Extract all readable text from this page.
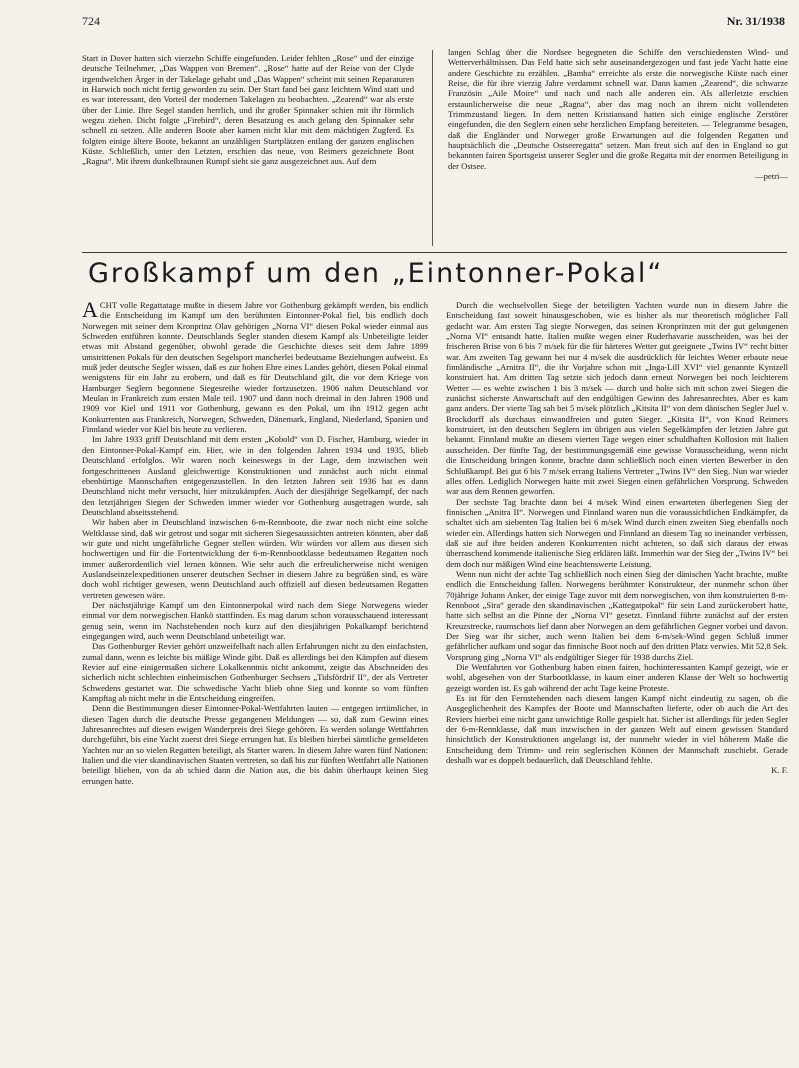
724	Nr. 31/1938

Start in Dover hatten sich vierzehn Schiffe eingefunden. Leider fehlten „Rose“ und der einzige deutsche Teilnehmer, „Das Wappen von Bremen“. „Rose“ hatte auf der Reise von der Clyde irgendwelchen Ärger in der Takelage gehabt und „Das Wappen“ scheint mit seinen Reparaturen in Harwich noch nicht fertig geworden zu sein. Der Start fand bei ganz leichtem Wind statt und es war interessant, den Vorteil der modernen Takelagen zu beobachten. „Zearend“ war als erste über der Linie. Ihre Segel standen herrlich, und ihr großer Spinnaker schien mit ihr förmlich wegzu ziehen. Dicht folgte „Firebird“, deren Besatzung es auch gelang den Spinnaker sehr schnell zu setzen. Alle anderen Boote aber kamen nicht klar mit dem mächtigen Zugferd. Es folgten einige ältere Boote, bekannt an unzähligen Startplätzen entlang der ganzen englischen Küste. Schließlich, unter den Letzten, erschien das neue, von Reimers gezeichnete Boot „Ragna“. Mit ihrem dunkelbraunen Rumpf sieht sie ganz ausgezeichnet aus. Auf dem

langen Schlag über die Nordsee begegneten die Schiffe den verschiedensten Wind- und Wetterverhältnissen. Das Feld hatte sich sehr auseinandergezogen und fast jede Yacht hatte eine andere Geschichte zu erzählen. „Bamba“ erreichte als erste die norwegische Küste nach einer Reise, die für ihre vierzig Jahre verdammt schnell war. Dann kamen „Zearend“, die schwarze Französin „Aile Moire“ und nach und nach alle anderen ein. Als allerletzte erschien erstaunlicherweise die neue „Ragna“, aber das mag noch an ihrem nicht vollendeten Trimmzustand liegen. In dem netten Kristiansand hatten sich einige englische Zerstörer eingefunden, die den Seglern einen sehr herzlichen Empfang bereiteten. — Telegramme besagen, daß die Engländer und Norweger große Erwartungen auf die folgenden Regatten und hauptsächlich die „Deutsche Ostseeregatta“ setzen. Man freut sich auf den in England so gut bekannten fairen Sportsgeist unserer Segler und die große Regatta mit der enormen Beteiligung in der Ostsee.

—petri—
Großkampf um den „Eintonner-Pokal“

ACHT volle Regattatage mußte in diesem Jahre vor Gothenburg gekämpft werden, bis endlich die Entscheidung im Kampf um den berühmten Eintonner-Pokal fiel, bis endlich doch Norwegen mit seiner dem Kronprinz Olav gehörigen „Norna VI“ diesen Pokal wieder einmal aus Schweden entführen konnte. Deutschlands Segler standen diesem Kampf als Unbeteiligte leider etwas mit Abstand gegenüber, obwohl gerade die Geschichte dieses seit dem Jahre 1899 umstrittenen Pokals für den deutschen Segelsport mancherlei bedeutsame Beziehungen aufweist. Es muß jeder deutsche Segler wissen, daß es zur hohen Ehre eines Landes gehört, diesen Pokal einmal wenigstens für ein Jahr zu erobern, und daß es für Deutschland gilt, die vor dem Kriege von Hamburger Seglern begonnene Siegesreihe wieder fortzusetzen. 1906 nahm Deutschland vor Meulan in Frankreich zum ersten Male teil. 1907 und dann noch dreimal in den Jahren 1908 und 1909 vor Kiel und 1911 vor Gothenburg, gewann es den Pokal, um ihn 1912 gegen acht Konkurrenten aus Frankreich, Norwegen, Schweden, Dänemark, England, Niederland, Spanien und Finnland wieder vor Kiel bis heute zu verlieren.

Im Jahre 1933 griff Deutschland mit dem ersten „Kobold“ von D. Fischer, Hamburg, wieder in den Eintonner-Pokal-Kampf ein. Hier, wie in den folgenden Jahren 1934 und 1935, blieb Deutschland erfolglos. Wir waren noch keineswegs in der Lage, dem inzwischen weit fortgeschrittenen Ausland gleichwertige Konstruktionen und zunächst auch nicht einmal ebenbürtige Mannschaften entgegenzustellen. In den letzten Jahren seit 1936 hat es dann Deutschland nicht mehr versucht, hier mitzukämpfen. Auch der diesjährige Segelkampf, der nach den letztjährigen Siegen der Schweden immer wieder vor Gothenburg ausgetragen wurde, sah Deutschland abseitsstehend.

Wir haben aber in Deutschland inzwischen 6-m-Rennboote, die zwar noch nicht eine solche Weltklasse sind, daß wir getrost und sogar mit sicheren Siegesaussichten antreten könnten, aber daß wir gute und nicht ungefährliche Gegner stellen würden. Wir würden vor allem aus diesen sich hochwertigen und für die Fortentwicklung der 6-m-Rennbootklasse bedeutsamen Regatten noch immer außerordentlich viel lernen können. Wie sehr auch die erfreulicherweise nicht wenigen Auslandseinzelexpeditionen unserer deutschen Sechser in diesem Jahre zu begrüßen sind, es wäre doch wohl richtiger gewesen, wenn Deutschland auch offiziell auf diesen bedeutsamen Regatten vertreten gewesen wäre.

Der nächstjährige Kampf um den Eintonnerpokal wird nach dem Siege Norwegens wieder einmal vor dem norwegischen Hankö stattfinden. Es mag darum schon vorausschauend interessant genug sein, wenn im Nachstehenden noch kurz auf den diesjährigen Pokalkampf berichtend eingegangen wird, auch wenn Deutschland unbeteiligt war.

Das Gothenburger Revier gehört unzweifelhaft nach allen Erfahrungen nicht zu den einfachsten, zumal dann, wenn es leichte bis mäßige Winde gibt. Daß es allerdings bei den Kämpfen auf diesem Revier auf eine einigermaßen sichere Lokalkenntnis nicht ankommt, zeigte das Abschneiden des sicherlich nicht schlechten einheimischen Gothenburger Sechsers „Tidsfördrif II“, der als Vertreter Schwedens gestartet war. Die schwedische Yacht blieb ohne Sieg und konnte so vom fünften Kampftag ab nicht mehr in die Entscheidung eingreifen.

Denn die Bestimmungen dieser Eintonner-Pokal-Wettfahrten lauten — entgegen irrtümlicher, in diesen Tagen durch die deutsche Presse gegangenen Meldungen — so, daß zum Gewinn eines Jahresanrechtes auf diesen ewigen Wanderpreis drei Siege gehören. Es werden solange Wettfahrten durchgeführt, bis eine Yacht zuerst drei Siege errungen hat. Es bleiben hierbei sämtliche gemeldeten Yachten nur an so vielen Regatten beteiligt, als Starter waren. In diesem Jahre waren fünf Nationen: Italien und die vier skandinavischen Staaten vertreten, so daß bis zur fünften Wettfahrt alle Nationen beteiligt blieben, von da ab schied dann die Nation aus, die bis dahin überhaupt keinen Sieg errungen hatte.

Durch die wechselvollen Siege der beteiligten Yachten wurde nun in diesem Jahre die Entscheidung fast soweit hinausgeschoben, wie es bisher als nur theoretisch möglicher Fall gedacht war. Am ersten Tag siegte Norwegen, das seinen Kronprinzen mit der gut gelungenen „Norna VI“ entsandt hatte. Italien mußte wegen einer Ruderhavarie ausscheiden, was bei der frischeren Brise von 6 bis 7 m/sek für die für härteres Wetter gut geeignete „Twins IV“ recht bitter war. Am zweiten Tag gewann bei nur 4 m/sek die ausdrücklich für leichtes Wetter erbaute neue finnländische „Arnitra II“, die ihr Vorjahre schon mit „Inga-Lill XVI“ viel genannte Kyntzell konstruiert hat. Am dritten Tag setzte sich jedoch dann erneut Norwegen bei noch leichterem Wetter — es wehte zwischen 1 bis 3 m/sek — durch und holte sich mit schon zwei Siegen die zunächst sicherste Anwartschaft auf den endgültigen Gewinn des Jahresanrechtes. Aber es kam ganz anders. Der vierte Tag sah bei 5 m/sek plötzlich „Kitsita II“ von dem dänischen Segler Juel v. Brockdorff als durchaus einwandfreien und guten Sieger. „Kitsita II“, von Knud Reimers konstruiert, ist den deutschen Seglern im übrigen aus vielen Segelkämpfen der letzten Jahre gut bekannt. Finnland mußte an diesem vierten Tage wegen einer schuldhaften Kollosion mit Italien ausscheiden. Der fünfte Tag, der bestimmungsgemäß eine gewisse Vorausscheidung, wenn nicht die Entscheidung bringen konnte, brachte dann schließlich noch einen vierten Bewerber in den Schlußkampf. Bei gut 6 bis 7 m/sek errang Italiens Vertreter „Twins IV“ den Sieg. Nun war wieder alles offen. Lediglich Norwegen hatte mit zwei Siegen einen gefährlichen Vorsprung. Schweden war aus dem Rennen geworfen.

Der sechste Tag brachte dann bei 4 m/sek Wind einen erwarteten überlegenen Sieg der finnischen „Anitra II“. Norwegen und Finnland waren nun die voraussichtlichen Endkämpfer, da schaltet sich am siebenten Tag Italien bei 6 m/sek Wind durch einen zweiten Sieg ebenfalls noch wieder ein. Allerdings hatten sich Norwegen und Finnland an diesem Tag so ineinander verbissen, daß sie auf ihre beiden anderen Konkurrenten nicht achteten, so daß sich daraus der etwas überraschend kommende italienische Sieg erklären läßt. Immerhin war der Sieg der „Twins IV“ bei dem doch nur mäßigen Wind eine beachtenswerte Leistung.

Wenn nun nicht der achte Tag schließlich noch einen Sieg der dänischen Yacht brachte, mußte endlich die Entscheidung fallen. Norwegens berühmter Konstrukteur, der nunmehr schon über 70jährige Johann Anker, der einige Tage zuvor mit dem norwegischen, von ihm konstruierten 8-m-Rennboot „Sira“ gerade den skandinavischen „Kattegatpokal“ für sein Land zurückerobert hatte, hatte sich selbst an die Pinne der „Norna VI“ gesetzt. Finnland führte zunächst auf der ersten Kreuzstrecke, raumschots lief dann aber Norwegen an dem gefährlichen Gegner vorbei und davon. Der Sieg war ihr sicher, auch wenn Italien bei dem 6-m/sek-Wind gegen Schluß immer gefährlicher aufkam und sogar das finnische Boot noch auf den dritten Platz verwies. Mit 52,8 Sek. Vorsprung ging „Norna VI“ als endgültiger Sieger für 1938 durchs Ziel.

Die Wettfahrten vor Gothenburg haben einen fairen, hochinteressanten Kampf gezeigt, wie er wohl, abgesehen von der Starbootklasse, in kaum einer anderen Klasse der Welt so hochwertig gezeigt worden ist. Es gab während der acht Tage keine Proteste.

Es ist für den Fernstehenden nach diesem langen Kampf nicht eindeutig zu sagen, ob die Ausgeglichenheit des Kampfes der Boote und Mannschaften lieferte, oder ob auch die Art des Reviers hierbei eine nicht ganz unwichtige Rolle gespielt hat. Sicher ist allerdings für jeden Segler der 6-m-Rennklasse, daß man inzwischen in der ganzen Welt auf einem gewissen Standard hinsichtlich der Konstruktionen angelangt ist, der nunmehr wieder in viel höherem Maße die Entscheidung dem Trimm- und rein seglerischen Können der Mannschaft zuschiebt. Gerade deshalb war es doppelt bedauerlich, daß Deutschland fehlte.

K. F.
